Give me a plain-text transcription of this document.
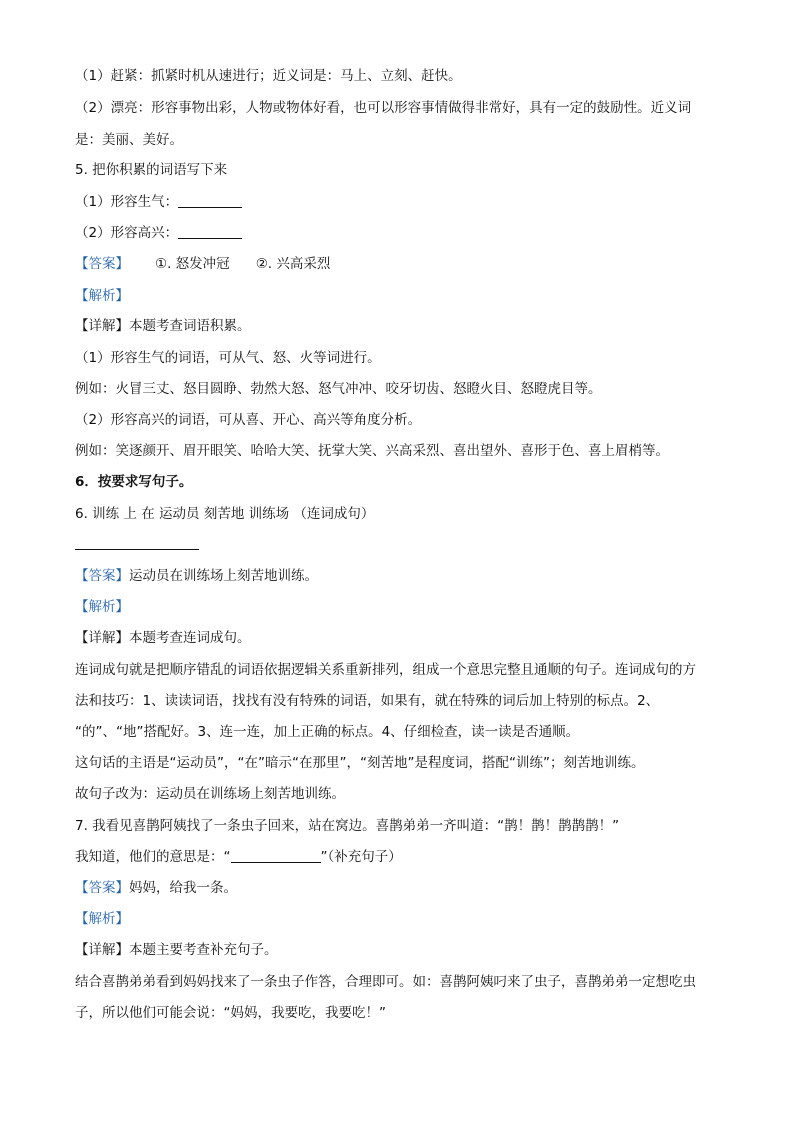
（1）赶紧：抓紧时机从速进行；近义词是：马上、立刻、赶快。
（2）漂亮：形容事物出彩，人物或物体好看，也可以形容事情做得非常好，具有一定的鼓励性。近义词
是：美丽、美好。
5. 把你积累的词语写下来
（1）形容生气：
（2）形容高兴：
【答案】 ①. 怒发冲冠 ②. 兴高采烈
【解析】
【详解】本题考查词语积累。
（1）形容生气的词语，可从气、怒、火等词进行。
例如：火冒三丈、怒目圆睁、勃然大怒、怒气冲冲、咬牙切齿、怒瞪火目、怒瞪虎目等。
（2）形容高兴的词语，可从喜、开心、高兴等角度分析。
例如：笑逐颜开、眉开眼笑、哈哈大笑、抚掌大笑、兴高采烈、喜出望外、喜形于色、喜上眉梢等。
6．按要求写句子。
6. 训练 上 在 运动员 刻苦地 训练场 （连词成句）
【答案】运动员在训练场上刻苦地训练。
【解析】
【详解】本题考查连词成句。
连词成句就是把顺序错乱的词语依据逻辑关系重新排列，组成一个意思完整且通顺的句子。连词成句的方
法和技巧：1、读读词语，找找有没有特殊的词语，如果有，就在特殊的词后加上特别的标点。2、
“的”、“地”搭配好。3、连一连，加上正确的标点。4、仔细检查，读一读是否通顺。
这句话的主语是“运动员”，“在”暗示“在那里”，“刻苦地”是程度词，搭配“训练”；刻苦地训练。
故句子改为：运动员在训练场上刻苦地训练。
7. 我看见喜鹊阿姨找了一条虫子回来，站在窝边。喜鹊弟弟一齐叫道：“鹊！鹊！鹊鹊鹊！”
我知道，他们的意思是：“	”（补充句子）
【答案】妈妈，给我一条。
【解析】
【详解】本题主要考查补充句子。
结合喜鹊弟弟看到妈妈找来了一条虫子作答，合理即可。如：喜鹊阿姨叼来了虫子，喜鹊弟弟一定想吃虫
子，所以他们可能会说：“妈妈，我要吃，我要吃！”
